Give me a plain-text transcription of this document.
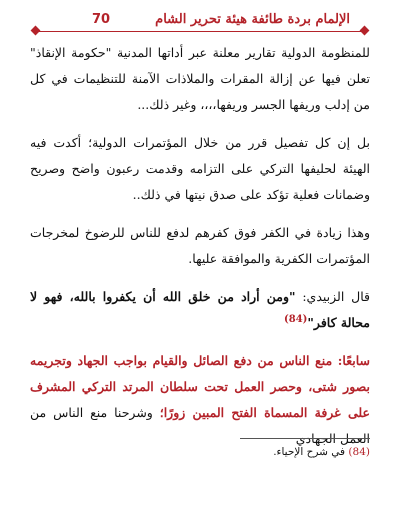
70	الإلمام بردة طائفة هيئة تحرير الشام

للمنظومة الدولية تقارير معلنة عبر أداتها المدنية "حكومة الإنقاذ" تعلن فيها عن إزالة المقرات والملاذات الآمنة للتنظيمات في كل من إدلب وريفها الجسر وريفها،،،، وغير ذلك...

بل إن كل تفصيل قرر من خلال المؤتمرات الدولية؛ أكدت فيه الهيئة لحليفها التركي على التزامه وقدمت رعبون واضح وصريح وضمانات فعلية تؤكد على صدق نيتها في ذلك..

وهذا زيادة في الكفر فوق كفرهم لدفع للناس للرضوخ لمخرجات المؤتمرات الكفرية والموافقة عليها.

قال الزبيدي: "ومن أراد من خلق الله أن يكفروا بالله، فهو لا محالة كافر"$^{(84)}$

سابعًا: منع الناس من دفع الصائل والقيام بواجب الجهاد وتجريمه بصور شتى، وحصر العمل تحت سلطان المرتد التركي المشرف على غرفة المسماة الفتح المبين زورًا؛ وشرحنا منع الناس من العمل الجهادي

(84) في شرح الإحياء.
